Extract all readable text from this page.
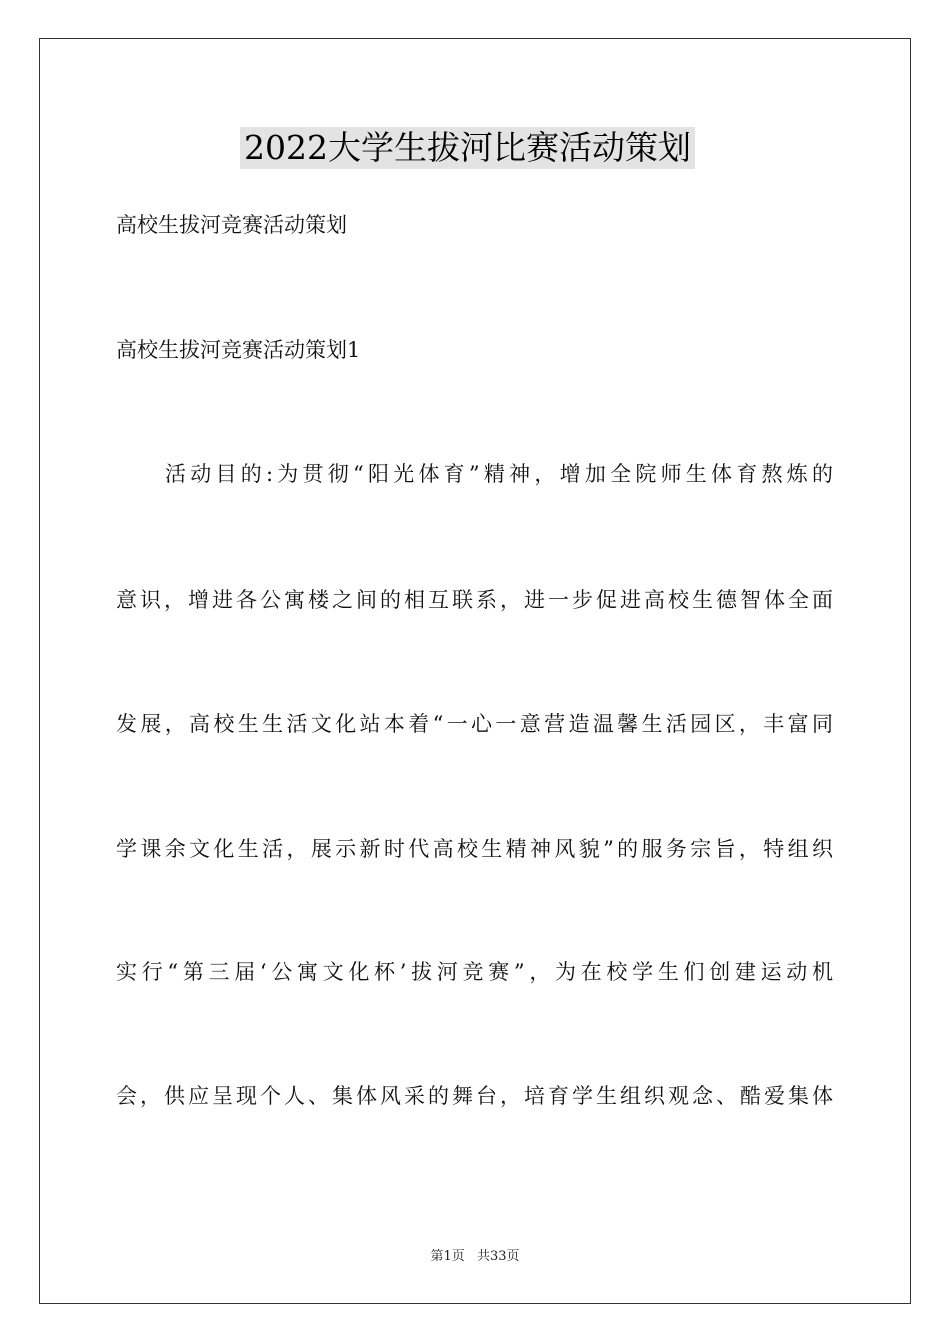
2022大学生拔河比赛活动策划
高校生拔河竞赛活动策划
高校生拔河竞赛活动策划1
活动目的:为贯彻“阳光体育”精神，增加全院师生体育熬炼的
意识，增进各公寓楼之间的相互联系，进一步促进高校生德智体全面
发展，高校生生活文化站本着“一心一意营造温馨生活园区，丰富同
学课余文化生活，展示新时代高校生精神风貌”的服务宗旨，特组织
实行“第三届‘公寓文化杯’拔河竞赛”，为在校学生们创建运动机
会，供应呈现个人、集体风采的舞台，培育学生组织观念、酷爱集体
第1页 共33页
